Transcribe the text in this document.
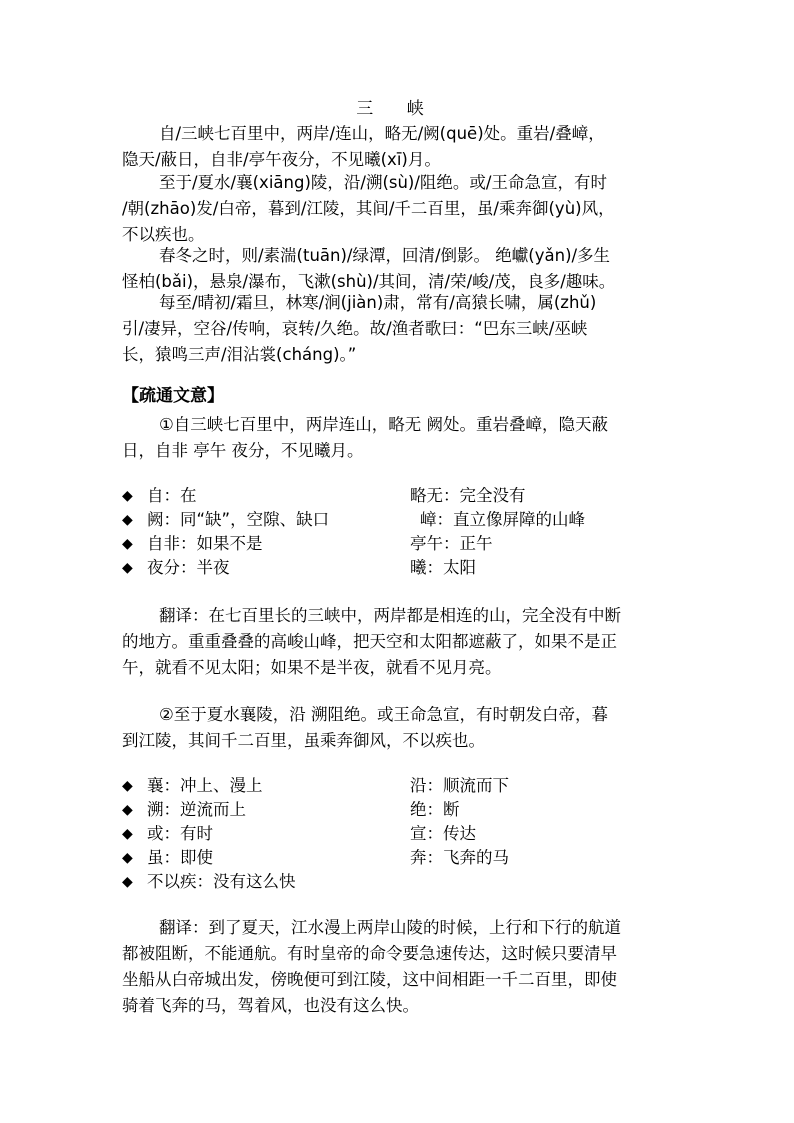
三 峡
自/三峡七百里中，两岸/连山，略无/阙(quē)处。重岩/叠嶂，
隐天/蔽日，自非/亭午夜分，不见曦(xī)月。
至于/夏水/襄(xiāng)陵，沿/溯(sù)/阻绝。或/王命急宣，有时
/朝(zhāo)发/白帝，暮到/江陵，其间/千二百里，虽/乘奔御(yù)风，
不以疾也。
春冬之时，则/素湍(tuān)/绿潭，回清/倒影。 绝巘(yǎn)/多生
怪柏(bǎi)，悬泉/瀑布，飞漱(shù)/其间，清/荣/峻/茂，良多/趣味。
每至/晴初/霜旦，林寒/涧(jiàn)肃，常有/高猿长啸，属(zhǔ)
引/凄异，空谷/传响，哀转/久绝。故/渔者歌曰：“巴东三峡/巫峡
长，猿鸣三声/泪沾裳(cháng)。”
【疏通文意】
①自三峡七百里中，两岸连山，略无 阙处。重岩叠嶂，隐天蔽
日，自非 亭午 夜分，不见曦月。
◆ 自：在	略无：完全没有
◆ 阙：同“缺”，空隙、缺口	嶂：直立像屏障的山峰
◆ 自非：如果不是	亭午：正午
◆ 夜分：半夜	曦：太阳
翻译：在七百里长的三峡中，两岸都是相连的山，完全没有中断
的地方。重重叠叠的高峻山峰，把天空和太阳都遮蔽了，如果不是正
午，就看不见太阳；如果不是半夜，就看不见月亮。
②至于夏水襄陵，沿 溯阻绝。或王命急宣，有时朝发白帝，暮
到江陵，其间千二百里，虽乘奔御风，不以疾也。
◆ 襄：冲上、漫上	沿：顺流而下
◆ 溯：逆流而上	绝：断
◆ 或：有时	宣：传达
◆ 虽：即使	奔：飞奔的马
◆ 不以疾：没有这么快
翻译：到了夏天，江水漫上两岸山陵的时候，上行和下行的航道
都被阻断，不能通航。有时皇帝的命令要急速传达，这时候只要清早
坐船从白帝城出发，傍晚便可到江陵，这中间相距一千二百里，即使
骑着飞奔的马，驾着风，也没有这么快。
